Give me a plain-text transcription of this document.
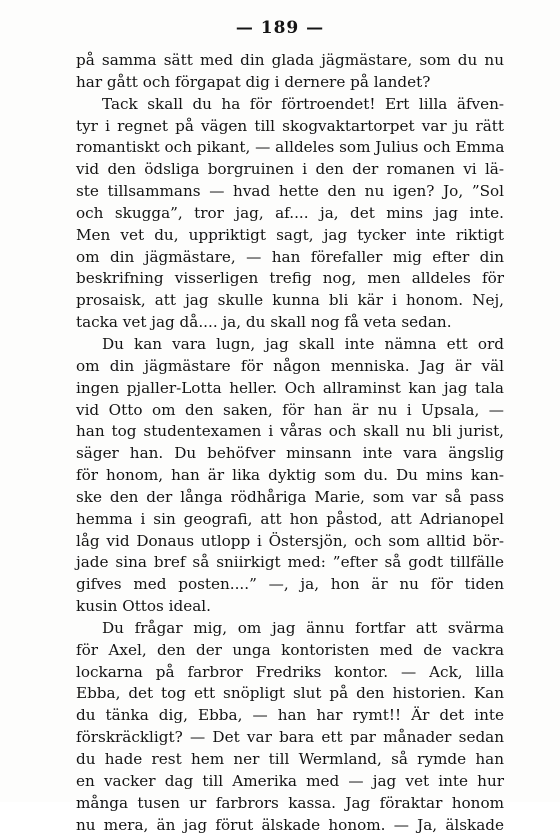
— 189 —
på samma sätt med din glada jägmästare, som du nu
har gått och förgapat dig i dernere på landet?
Tack skall du ha för förtroendet! Ert lilla äfven-
tyr i regnet på vägen till skogvaktartorpet var ju rätt
romantiskt och pikant, — alldeles som Julius och Emma
vid den ödsliga borgruinen i den der romanen vi lä-
ste tillsammans — hvad hette den nu igen? Jo, ”Sol
och skugga”, tror jag, af.... ja, det mins jag inte.
Men vet du, uppriktigt sagt, jag tycker inte riktigt
om din jägmästare, — han förefaller mig efter din
beskrifning visserligen trefig nog, men alldeles för
prosaisk, att jag skulle kunna bli kär i honom. Nej,
tacka vet jag då.... ja, du skall nog få veta sedan.
Du kan vara lugn, jag skall inte nämna ett ord
om din jägmästare för någon menniska. Jag är väl
ingen pjaller-Lotta heller. Och allraminst kan jag tala
vid Otto om den saken, för han är nu i Upsala, —
han tog studentexamen i våras och skall nu bli jurist,
säger han. Du behöfver minsann inte vara ängslig
för honom, han är lika dyktig som du. Du mins kan-
ske den der långa rödhåriga Marie, som var så pass
hemma i sin geografi, att hon påstod, att Adrianopel
låg vid Donaus utlopp i Östersjön, och som alltid bör-
jade sina bref så sniirkigt med: ”efter så godt tillfälle
gifves med posten....” —, ja, hon är nu för tiden
kusin Ottos ideal.
Du frågar mig, om jag ännu fortfar att svärma
för Axel, den der unga kontoristen med de vackra
lockarna på farbror Fredriks kontor. — Ack, lilla
Ebba, det tog ett snöpligt slut på den historien. Kan
du tänka dig, Ebba, — han har rymt!! Är det inte
förskräckligt? — Det var bara ett par månader sedan
du hade rest hem ner till Wermland, så rymde han
en vacker dag till Amerika med — jag vet inte hur
många tusen ur farbrors kassa. Jag föraktar honom
nu mera, än jag förut älskade honom. — Ja, älskade
